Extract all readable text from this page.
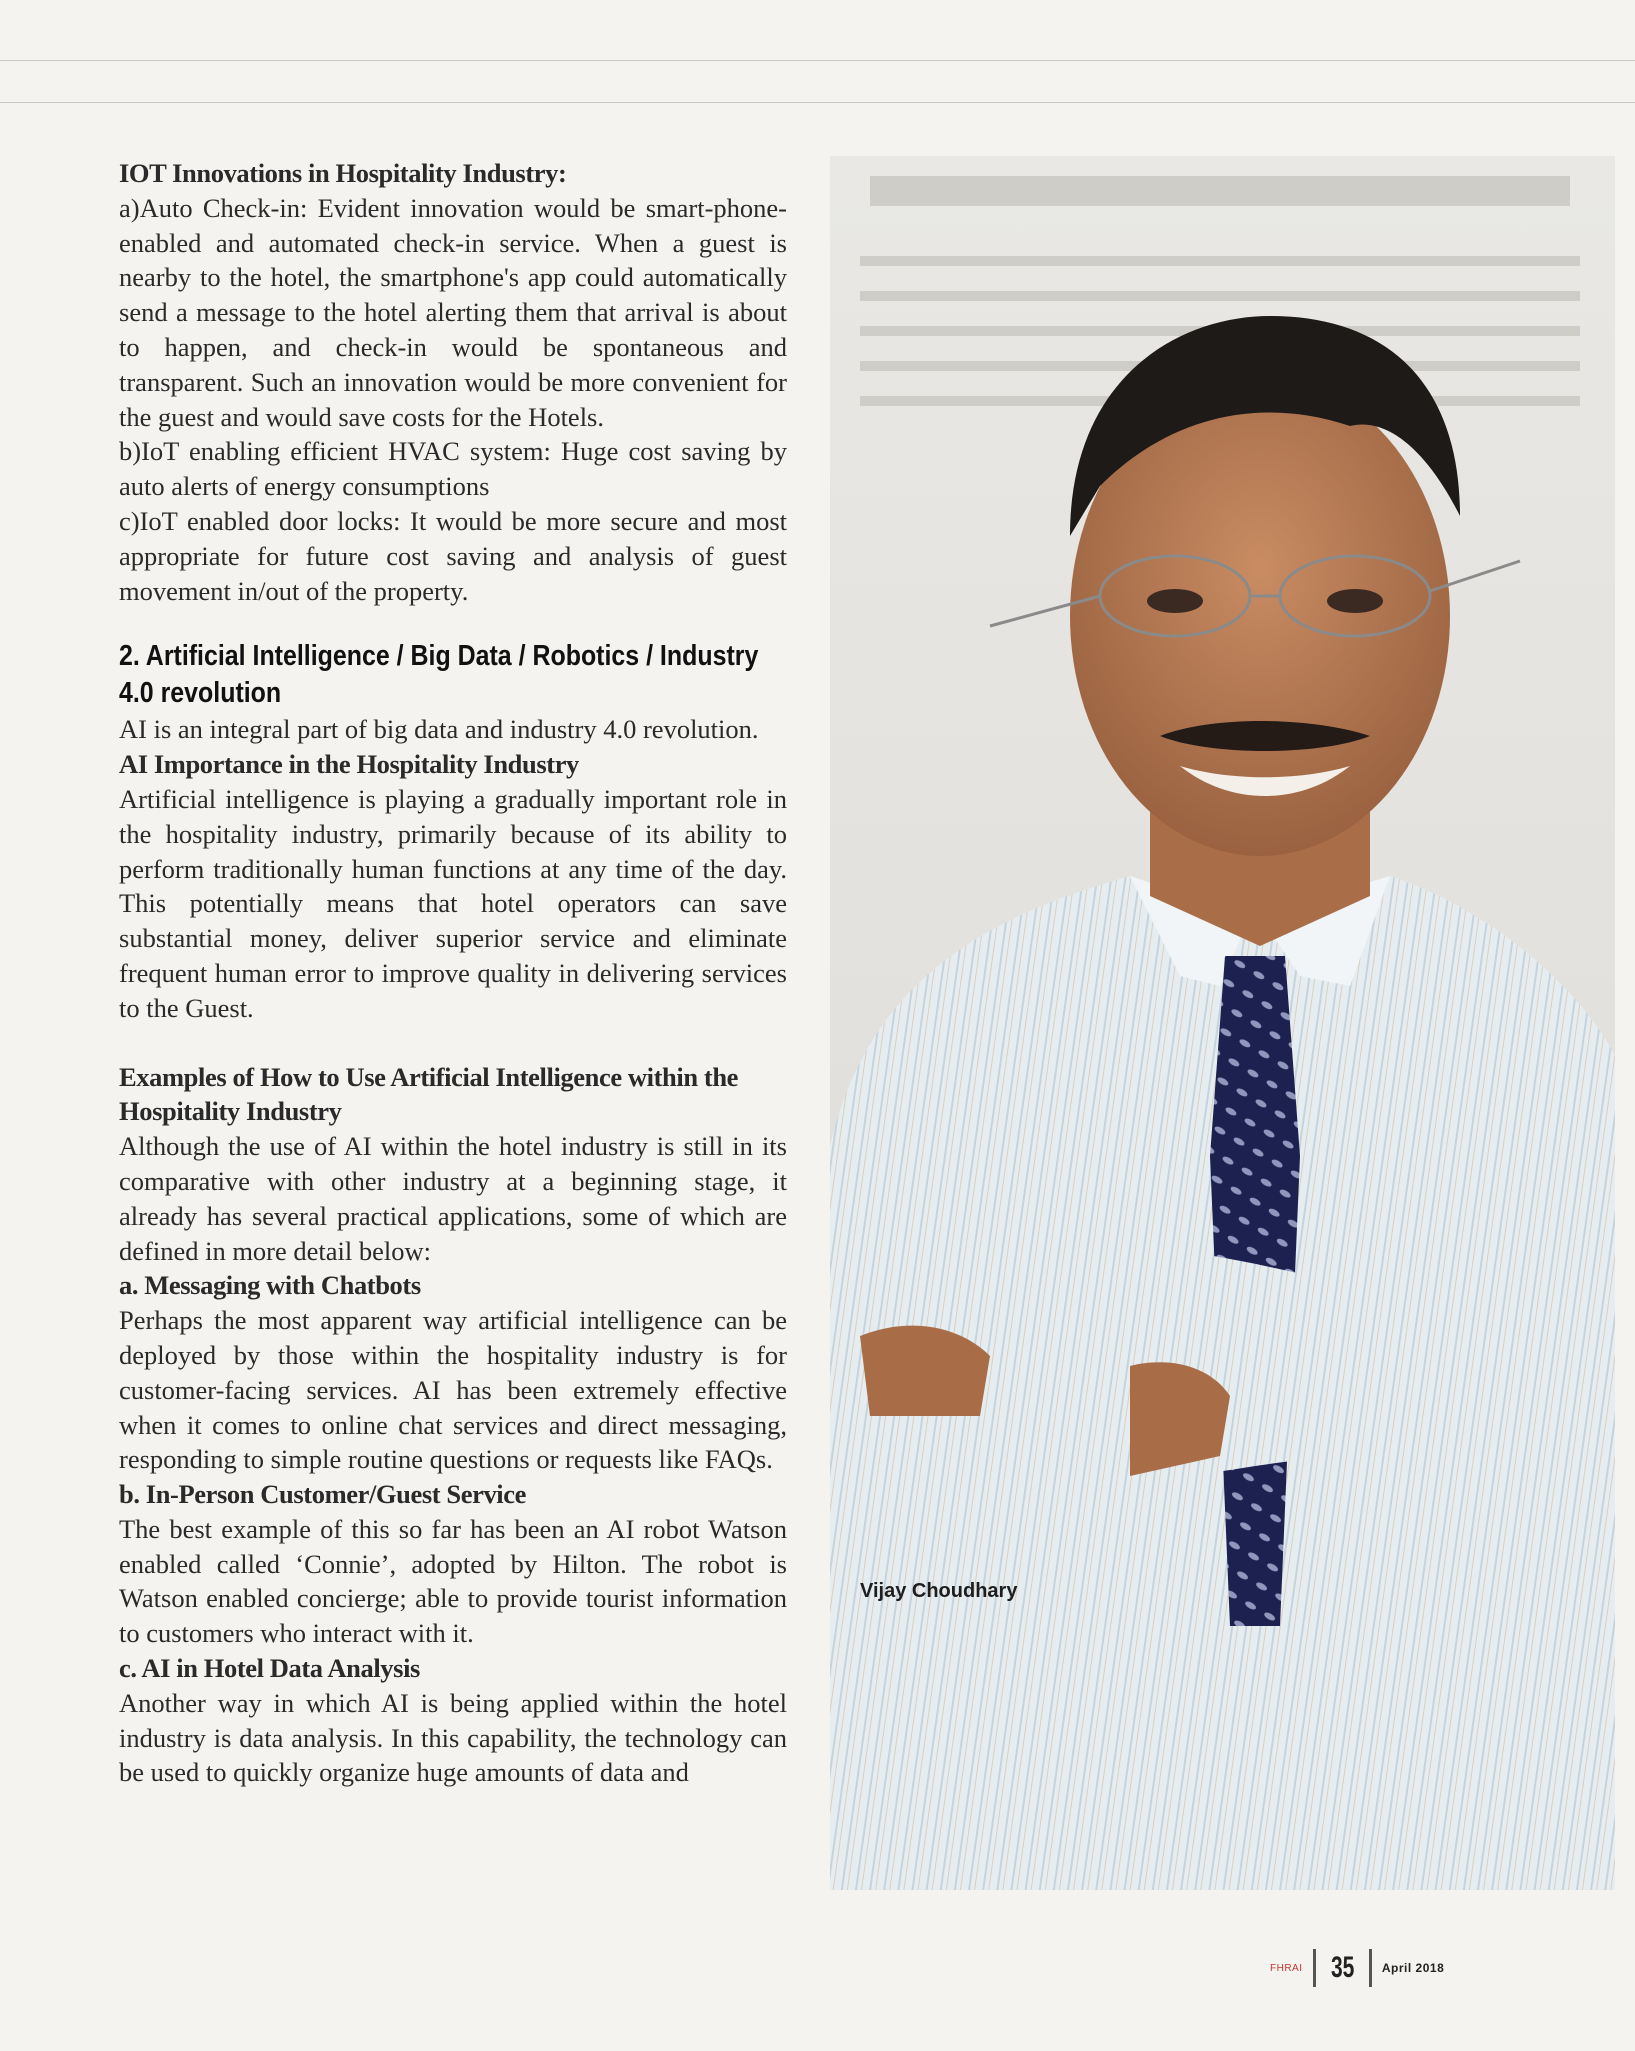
IOT Innovations in Hospitality Industry:

a)Auto Check-in: Evident innovation would be smart-phone-enabled and automated check-in service. When a guest is nearby to the hotel, the smartphone's app could automatically send a message to the hotel alerting them that arrival is about to happen, and check-in would be spontaneous and transparent. Such an innovation would be more convenient for the guest and would save costs for the Hotels.

b)IoT enabling efficient HVAC system: Huge cost saving by auto alerts of energy consumptions

c)IoT enabled door locks: It would be more secure and most appropriate for future cost saving and analysis of guest movement in/out of the property.

2. Artificial Intelligence / Big Data / Robotics / Industry 4.0 revolution

AI is an integral part of big data and industry 4.0 revolution.

AI Importance in the Hospitality Industry

Artificial intelligence is playing a gradually important role in the hospitality industry, primarily because of its ability to perform traditionally human functions at any time of the day. This potentially means that hotel operators can save substantial money, deliver superior service and eliminate frequent human error to improve quality in delivering services to the Guest.

Examples of How to Use Artificial Intelligence within the Hospitality Industry

Although the use of AI within the hotel industry is still in its comparative with other industry at a beginning stage, it already has several practical applications, some of which are defined in more detail below:

a. Messaging with Chatbots

Perhaps the most apparent way artificial intelligence can be deployed by those within the hospitality industry is for customer-facing services. AI has been extremely effective when it comes to online chat services and direct messaging, responding to simple routine questions or requests like FAQs.

b. In-Person Customer/Guest Service

The best example of this so far has been an AI robot Watson enabled called ‘Connie’, adopted by Hilton. The robot is Watson enabled concierge; able to provide tourist information to customers who interact with it.

c. AI in Hotel Data Analysis

Another way in which AI is being applied within the hotel industry is data analysis. In this capability, the technology can be used to quickly organize huge amounts of data and

Vijay Choudhary
FHRAI 35 April 2018
